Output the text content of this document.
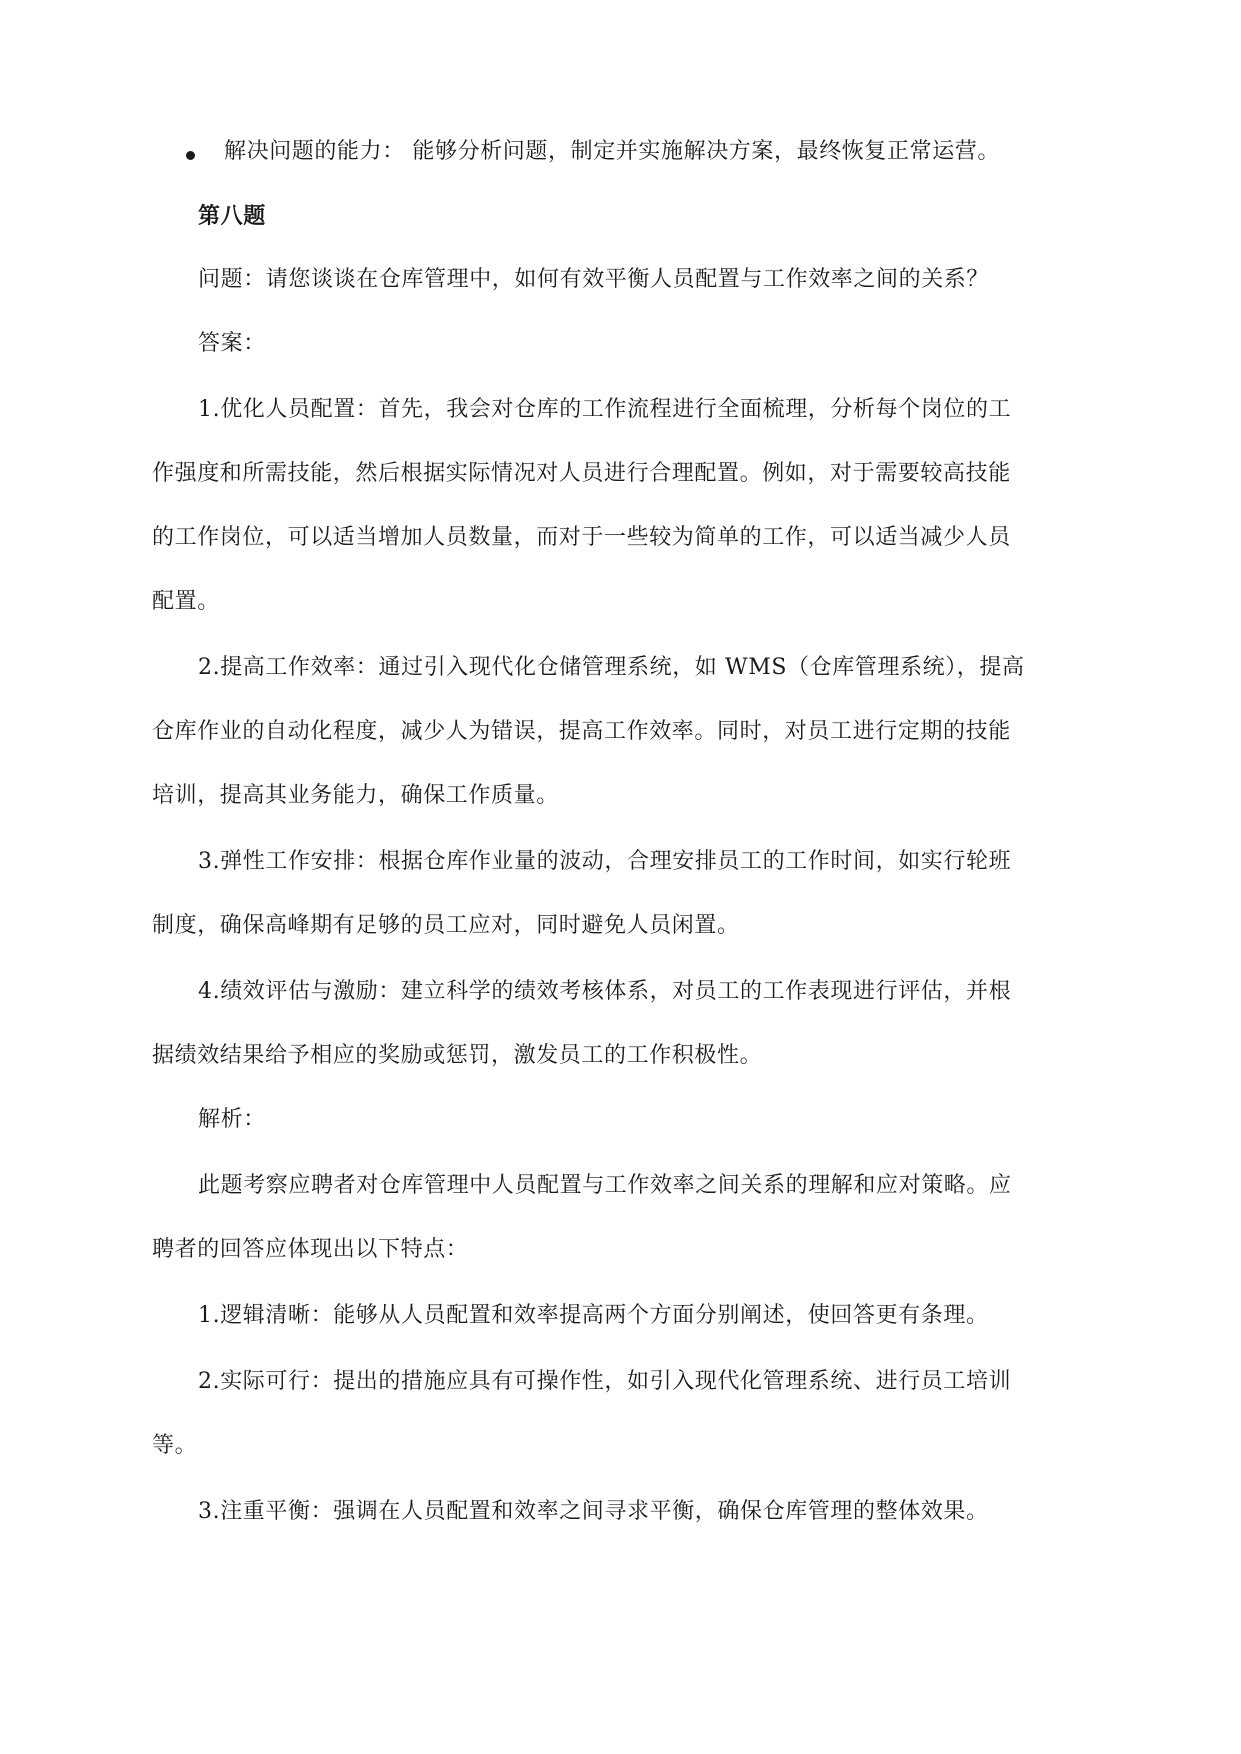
解决问题的能力： 能够分析问题，制定并实施解决方案，最终恢复正常运营。

第八题

问题：请您谈谈在仓库管理中，如何有效平衡人员配置与工作效率之间的关系？

答案：

1.优化人员配置：首先，我会对仓库的工作流程进行全面梳理，分析每个岗位的工

作强度和所需技能，然后根据实际情况对人员进行合理配置。例如，对于需要较高技能

的工作岗位，可以适当增加人员数量，而对于一些较为简单的工作，可以适当减少人员

配置。

2.提高工作效率：通过引入现代化仓储管理系统，如 WMS（仓库管理系统），提高

仓库作业的自动化程度，减少人为错误，提高工作效率。同时，对员工进行定期的技能

培训，提高其业务能力，确保工作质量。

3.弹性工作安排：根据仓库作业量的波动，合理安排员工的工作时间，如实行轮班

制度，确保高峰期有足够的员工应对，同时避免人员闲置。

4.绩效评估与激励：建立科学的绩效考核体系，对员工的工作表现进行评估，并根

据绩效结果给予相应的奖励或惩罚，激发员工的工作积极性。

解析：

此题考察应聘者对仓库管理中人员配置与工作效率之间关系的理解和应对策略。应

聘者的回答应体现出以下特点：

1.逻辑清晰：能够从人员配置和效率提高两个方面分别阐述，使回答更有条理。

2.实际可行：提出的措施应具有可操作性，如引入现代化管理系统、进行员工培训

等。

3.注重平衡：强调在人员配置和效率之间寻求平衡，确保仓库管理的整体效果。
